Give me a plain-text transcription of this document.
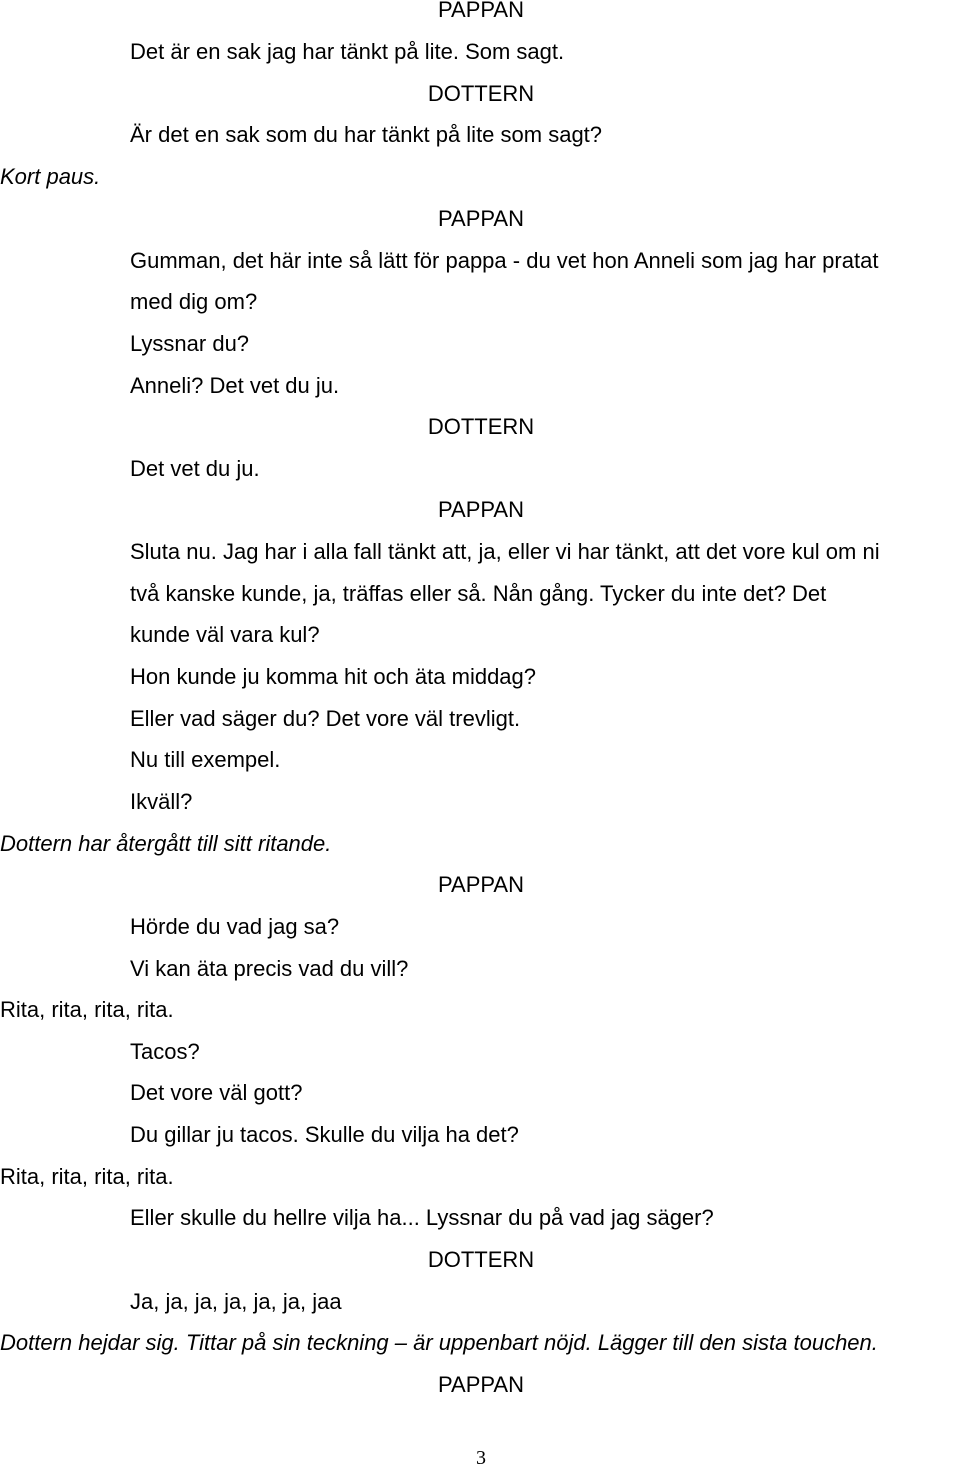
PAPPAN

Det är en sak jag har tänkt på lite. Som sagt.

DOTTERN

Är det en sak som du har tänkt på lite som sagt?

Kort paus.

PAPPAN

Gumman, det här inte så lätt för pappa - du vet hon Anneli som jag har pratat

med dig om?

Lyssnar du?

Anneli? Det vet du ju.

DOTTERN

Det vet du ju.

PAPPAN

Sluta nu. Jag har i alla fall tänkt att, ja, eller vi har tänkt, att det vore kul om ni

två kanske kunde, ja, träffas eller så. Nån gång. Tycker du inte det? Det

kunde väl vara kul?

Hon kunde ju komma hit och äta middag?

Eller vad säger du? Det vore väl trevligt.

Nu till exempel.

Ikväll?

Dottern har återgått till sitt ritande.

PAPPAN

Hörde du vad jag sa?

Vi kan äta precis vad du vill?

Rita, rita, rita, rita.

Tacos?

Det vore väl gott?

Du gillar ju tacos. Skulle du vilja ha det?

Rita, rita, rita, rita.

Eller skulle du hellre vilja ha... Lyssnar du på vad jag säger?

DOTTERN

Ja, ja, ja, ja, ja, ja, jaa

Dottern hejdar sig. Tittar på sin teckning – är uppenbart nöjd. Lägger till den sista touchen.

PAPPAN

3
